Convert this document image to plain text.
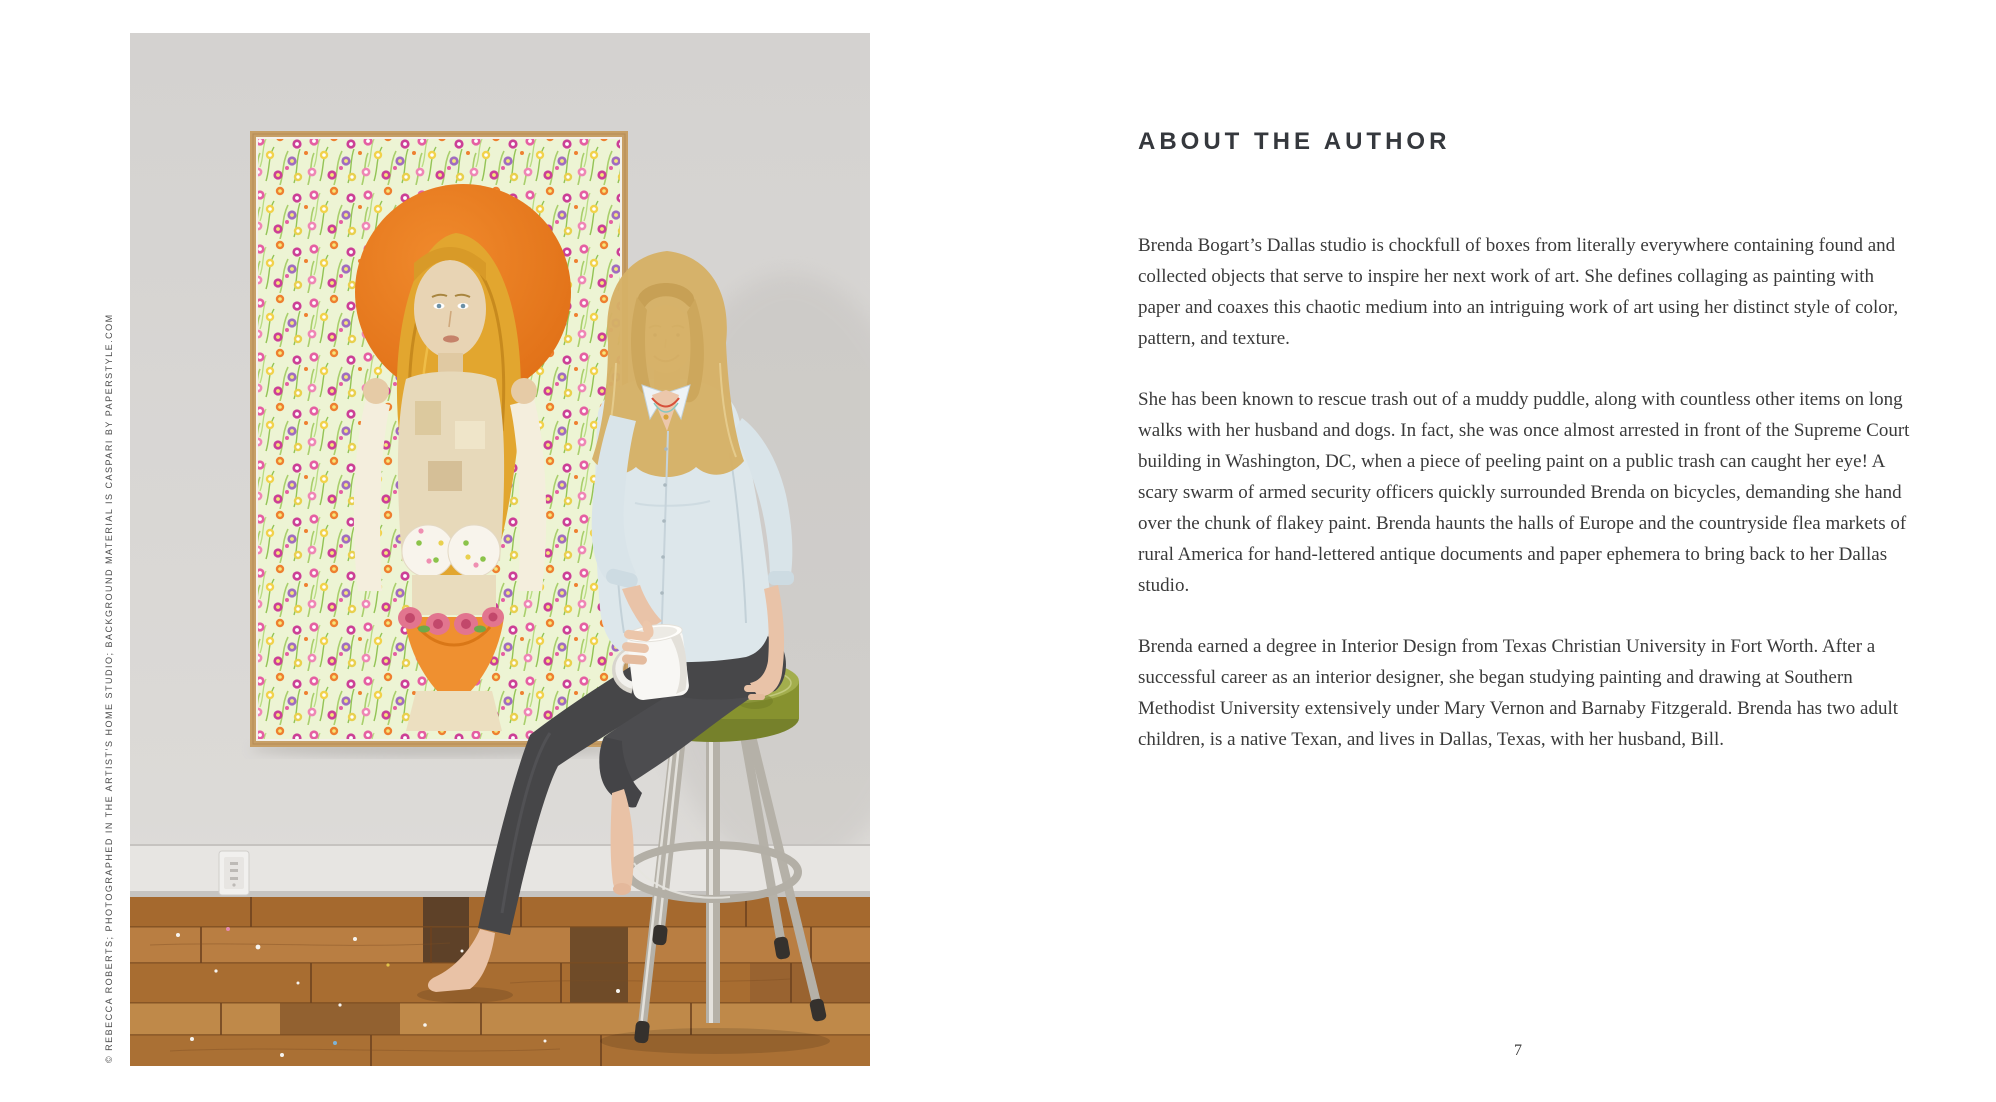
© REBECCA ROBERTS; PHOTOGRAPHED IN THE ARTIST’S HOME STUDIO; BACKGROUND MATERIAL IS CASPARI BY PAPERSTYLE.COM
ABOUT THE AUTHOR

Brenda Bogart’s Dallas studio is chockfull of boxes from literally everywhere containing found and collected objects that serve to inspire her next work of art. She defines collaging as painting with paper and coaxes this chaotic medium into an intriguing work of art using her distinct style of color, pattern, and texture.

She has been known to rescue trash out of a muddy puddle, along with countless other items on long walks with her husband and dogs. In fact, she was once almost arrested in front of the Supreme Court building in Washington, DC, when a piece of peeling paint on a public trash can caught her eye! A scary swarm of armed security officers quickly surrounded Brenda on bicycles, demanding she hand over the chunk of flakey paint. Brenda haunts the halls of Europe and the countryside flea markets of rural America for hand-lettered antique documents and paper ephemera to bring back to her Dallas studio.

Brenda earned a degree in Interior Design from Texas Christian University in Fort Worth. After a successful career as an interior designer, she began studying painting and drawing at Southern Methodist University extensively under Mary Vernon and Barnaby Fitzgerald. Brenda has two adult children, is a native Texan, and lives in Dallas, Texas, with her husband, Bill.

7
